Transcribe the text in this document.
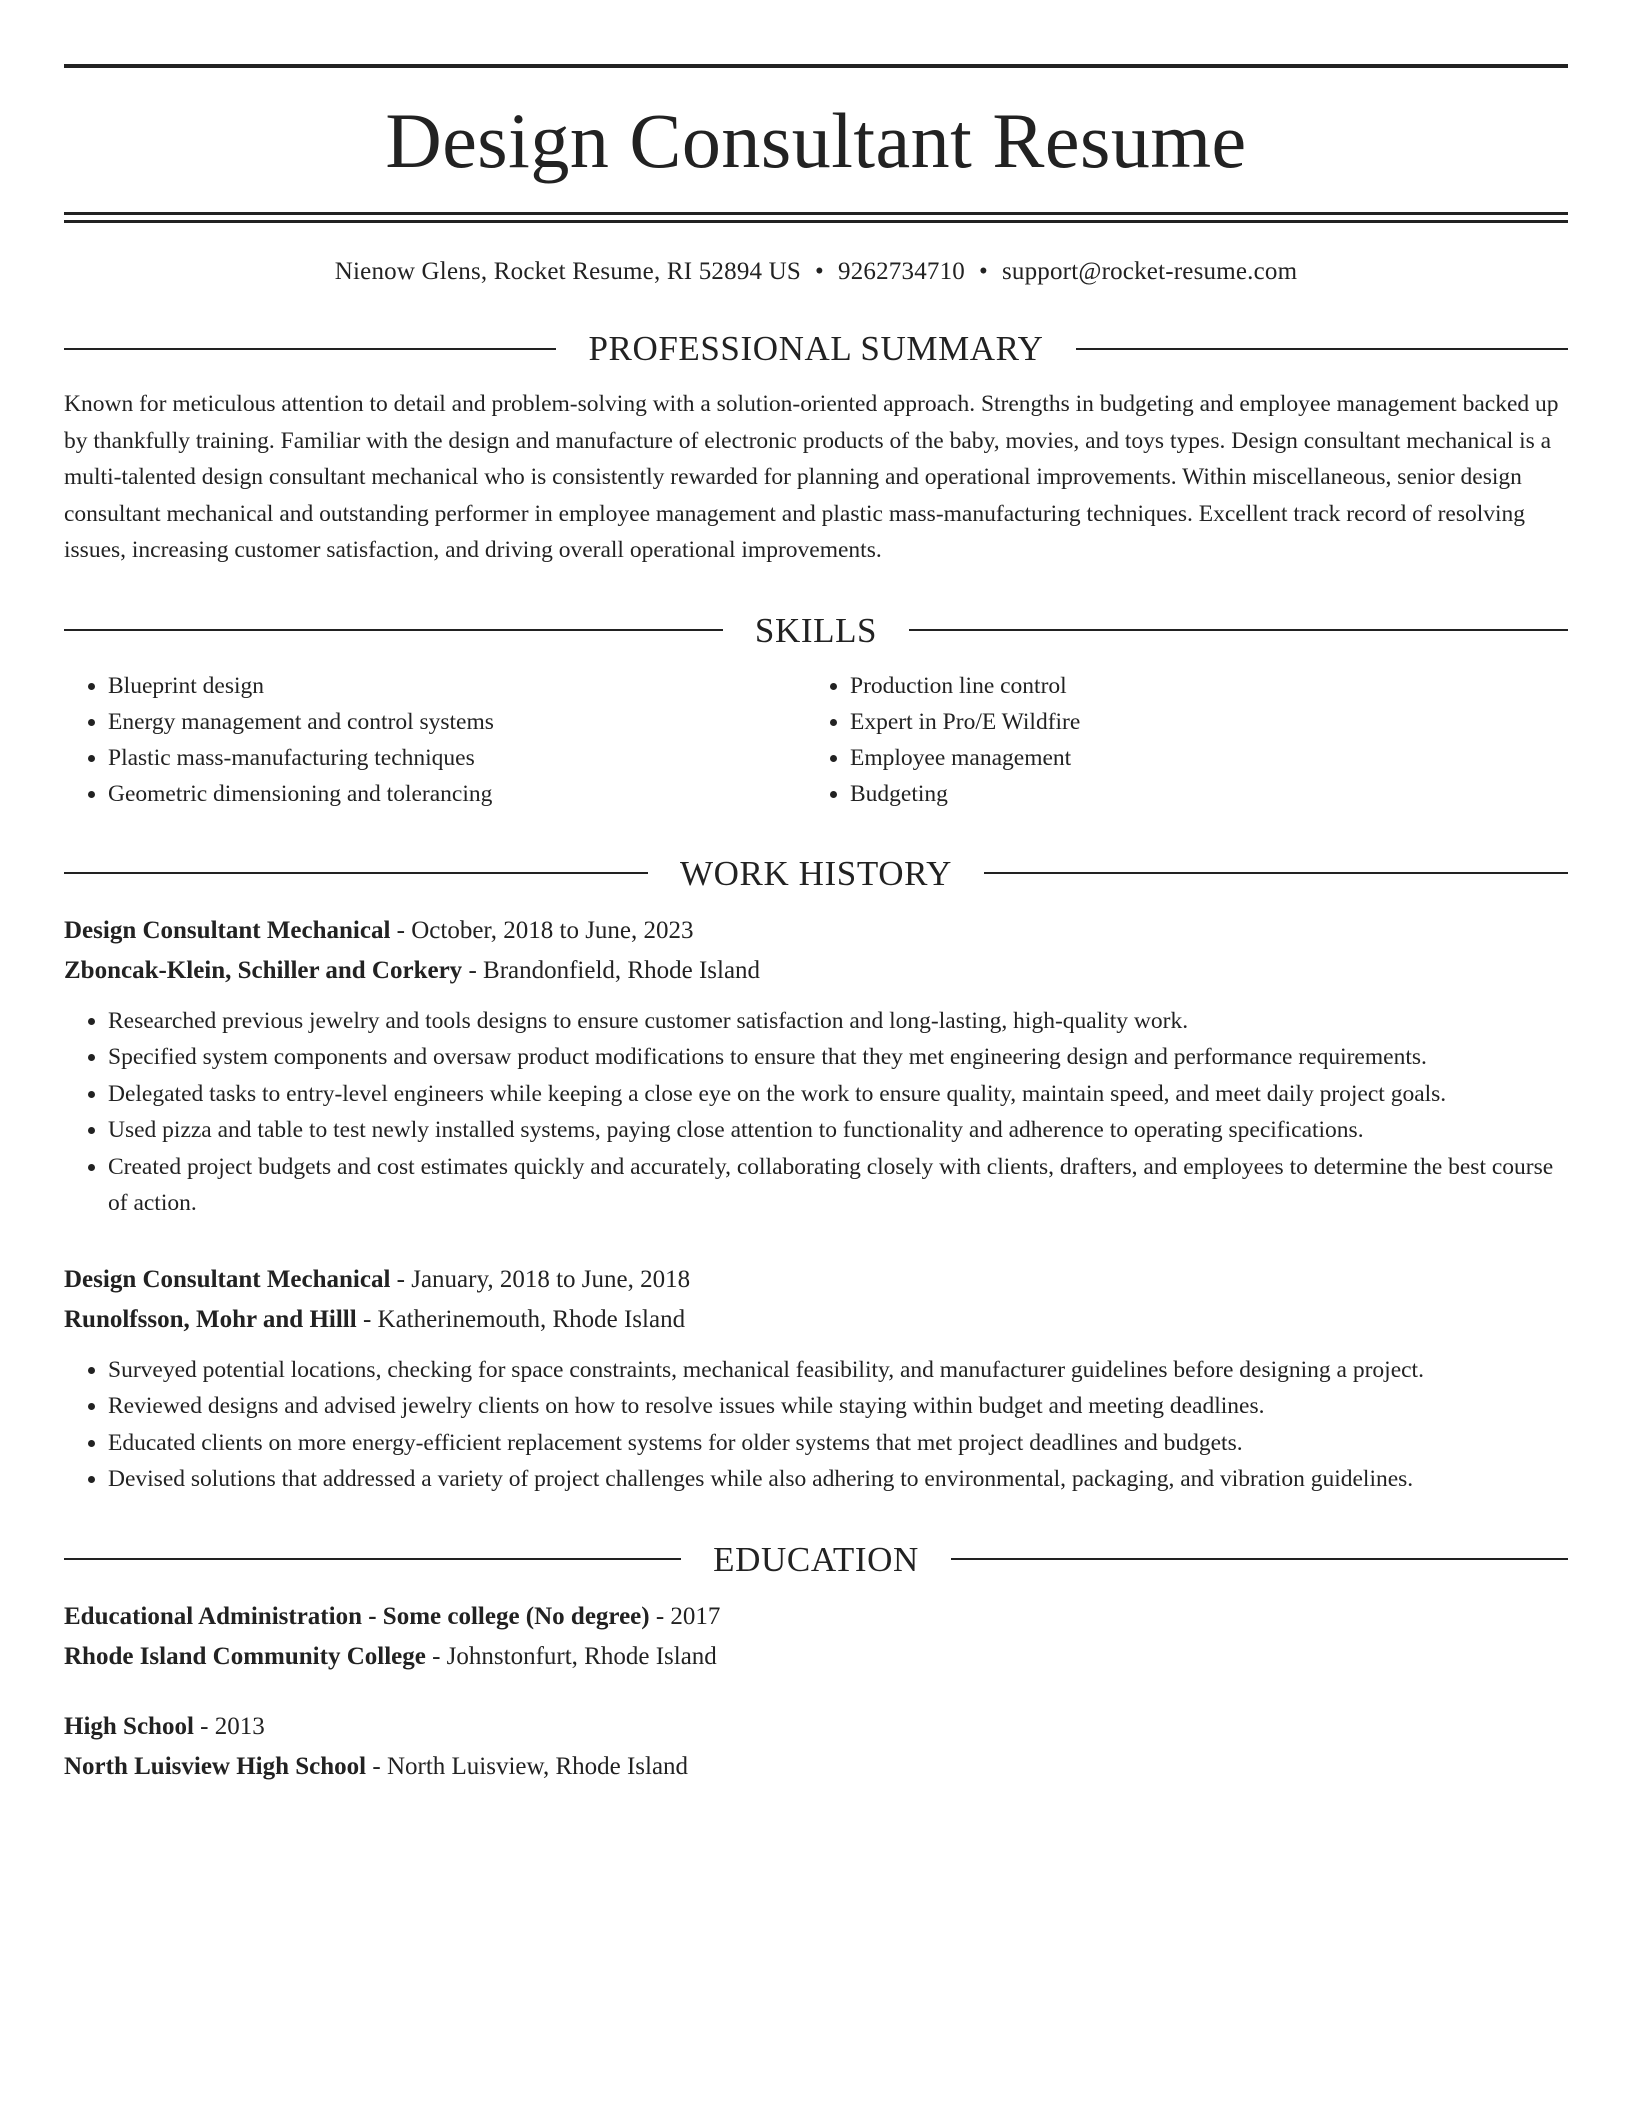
Design Consultant Resume
Nienow Glens, Rocket Resume, RI 52894 US • 9262734710 • support@rocket-resume.com
PROFESSIONAL SUMMARY

Known for meticulous attention to detail and problem-solving with a solution-oriented approach. Strengths in budgeting and employee management backed up by thankfully training. Familiar with the design and manufacture of electronic products of the baby, movies, and toys types. Design consultant mechanical is a multi-talented design consultant mechanical who is consistently rewarded for planning and operational improvements. Within miscellaneous, senior design consultant mechanical and outstanding performer in employee management and plastic mass-manufacturing techniques. Excellent track record of resolving issues, increasing customer satisfaction, and driving overall operational improvements.

SKILLS
• Blueprint design
• Energy management and control systems
• Plastic mass-manufacturing techniques
• Geometric dimensioning and tolerancing
• Production line control
• Expert in Pro/E Wildfire
• Employee management
• Budgeting
WORK HISTORY
Design Consultant Mechanical - October, 2018 to June, 2023
Zboncak-Klein, Schiller and Corkery - Brandonfield, Rhode Island
• Researched previous jewelry and tools designs to ensure customer satisfaction and long-lasting, high-quality work.
• Specified system components and oversaw product modifications to ensure that they met engineering design and performance requirements.
• Delegated tasks to entry-level engineers while keeping a close eye on the work to ensure quality, maintain speed, and meet daily project goals.
• Used pizza and table to test newly installed systems, paying close attention to functionality and adherence to operating specifications.
• Created project budgets and cost estimates quickly and accurately, collaborating closely with clients, drafters, and employees to determine the best course of action.
Design Consultant Mechanical - January, 2018 to June, 2018
Runolfsson, Mohr and Hilll - Katherinemouth, Rhode Island
• Surveyed potential locations, checking for space constraints, mechanical feasibility, and manufacturer guidelines before designing a project.
• Reviewed designs and advised jewelry clients on how to resolve issues while staying within budget and meeting deadlines.
• Educated clients on more energy-efficient replacement systems for older systems that met project deadlines and budgets.
• Devised solutions that addressed a variety of project challenges while also adhering to environmental, packaging, and vibration guidelines.
EDUCATION
Educational Administration - Some college (No degree) - 2017
Rhode Island Community College - Johnstonfurt, Rhode Island
High School - 2013
North Luisview High School - North Luisview, Rhode Island
